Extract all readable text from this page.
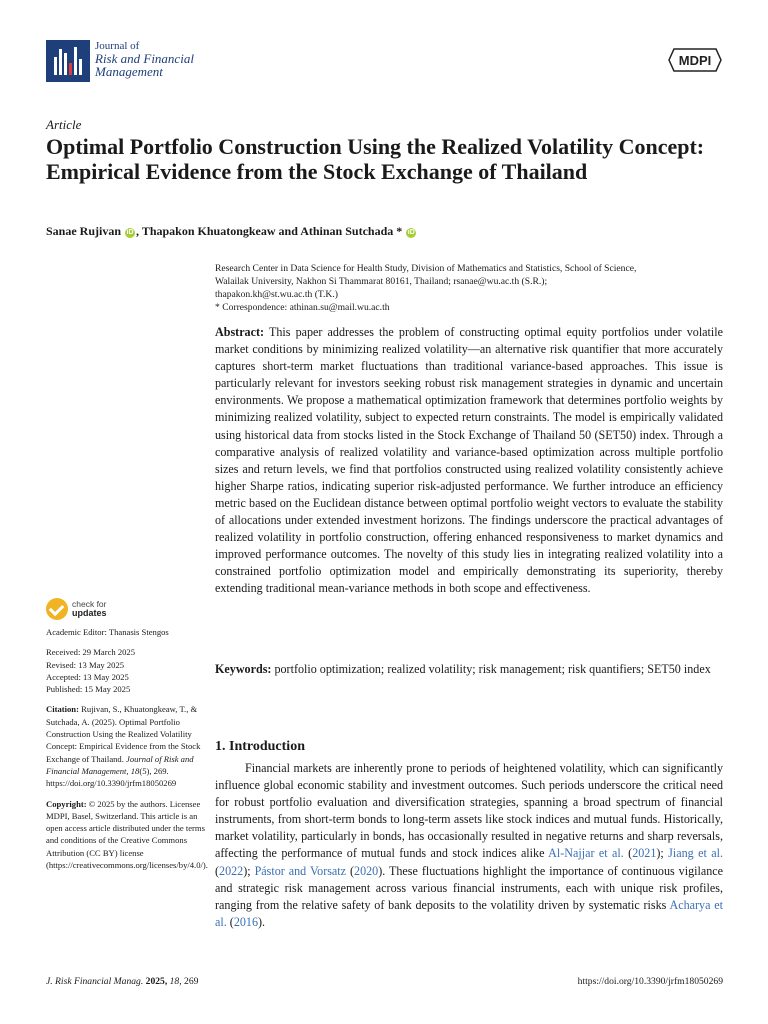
Journal of
Risk and Financial
Management
MDPI
Article
Optimal Portfolio Construction Using the Realized Volatility Concept: Empirical Evidence from the Stock Exchange of Thailand
Sanae Rujivan iD , Thapakon Khuatongkeaw and Athinan Sutchada * iD
Research Center in Data Science for Health Study, Division of Mathematics and Statistics, School of Science,
Walailak University, Nakhon Si Thammarat 80161, Thailand; rsanae@wu.ac.th (S.R.);
thapakon.kh@st.wu.ac.th (T.K.)
* Correspondence: athinan.su@mail.wu.ac.th
Abstract: This paper addresses the problem of constructing optimal equity portfolios under volatile market conditions by minimizing realized volatility—an alternative risk quantifier that more accurately captures short-term market fluctuations than traditional variance-based approaches. This issue is particularly relevant for investors seeking robust risk management strategies in dynamic and uncertain environments. We propose a mathematical optimization framework that determines portfolio weights by minimizing realized volatility, subject to expected return constraints. The model is empirically validated using historical data from stocks listed in the Stock Exchange of Thailand 50 (SET50) index. Through a comparative analysis of realized volatility and variance-based optimization across multiple portfolio sizes and return levels, we find that portfolios constructed using realized volatility consistently achieve higher Sharpe ratios, indicating superior risk-adjusted performance. We further introduce an efficiency metric based on the Euclidean distance between optimal portfolio weight vectors to evaluate the stability of allocations under extended investment horizons. The findings underscore the practical advantages of realized volatility in portfolio construction, offering enhanced responsiveness to market dynamics and improved performance outcomes. The novelty of this study lies in integrating realized volatility into a constrained portfolio optimization model and empirically demonstrating its superiority, thereby extending traditional mean-variance methods in both scope and effectiveness.
Keywords: portfolio optimization; realized volatility; risk management; risk quantifiers; SET50 index
check for
updates

Academic Editor: Thanasis Stengos

Received: 29 March 2025

Revised: 13 May 2025

Accepted: 13 May 2025

Published: 15 May 2025

Citation: Rujivan, S., Khuatongkeaw, T., & Sutchada, A. (2025). Optimal Portfolio Construction Using the Realized Volatility Concept: Empirical Evidence from the Stock Exchange of Thailand. Journal of Risk and Financial Management, 18(5), 269. https://doi.org/10.3390/jrfm18050269

Copyright: © 2025 by the authors. Licensee MDPI, Basel, Switzerland. This article is an open access article distributed under the terms and conditions of the Creative Commons Attribution (CC BY) license (https://creativecommons.org/licenses/by/4.0/).

1. Introduction
Financial markets are inherently prone to periods of heightened volatility, which can significantly influence global economic stability and investment outcomes. Such periods underscore the critical need for robust portfolio evaluation and diversification strategies, spanning a broad spectrum of financial instruments, from short-term bonds to long-term assets like stock indices and mutual funds. Historically, market volatility, particularly in bonds, has occasionally resulted in negative returns and sharp reversals, affecting the performance of mutual funds and stock indices alike Al-Najjar et al. (2021); Jiang et al. (2022); Pástor and Vorsatz (2020). These fluctuations highlight the importance of continuous vigilance and strategic risk management across various financial instruments, each with unique risk profiles, ranging from the relative safety of bank deposits to the volatility driven by systematic risks Acharya et al. (2016).
J. Risk Financial Manag. 2025, 18, 269	https://doi.org/10.3390/jrfm18050269
